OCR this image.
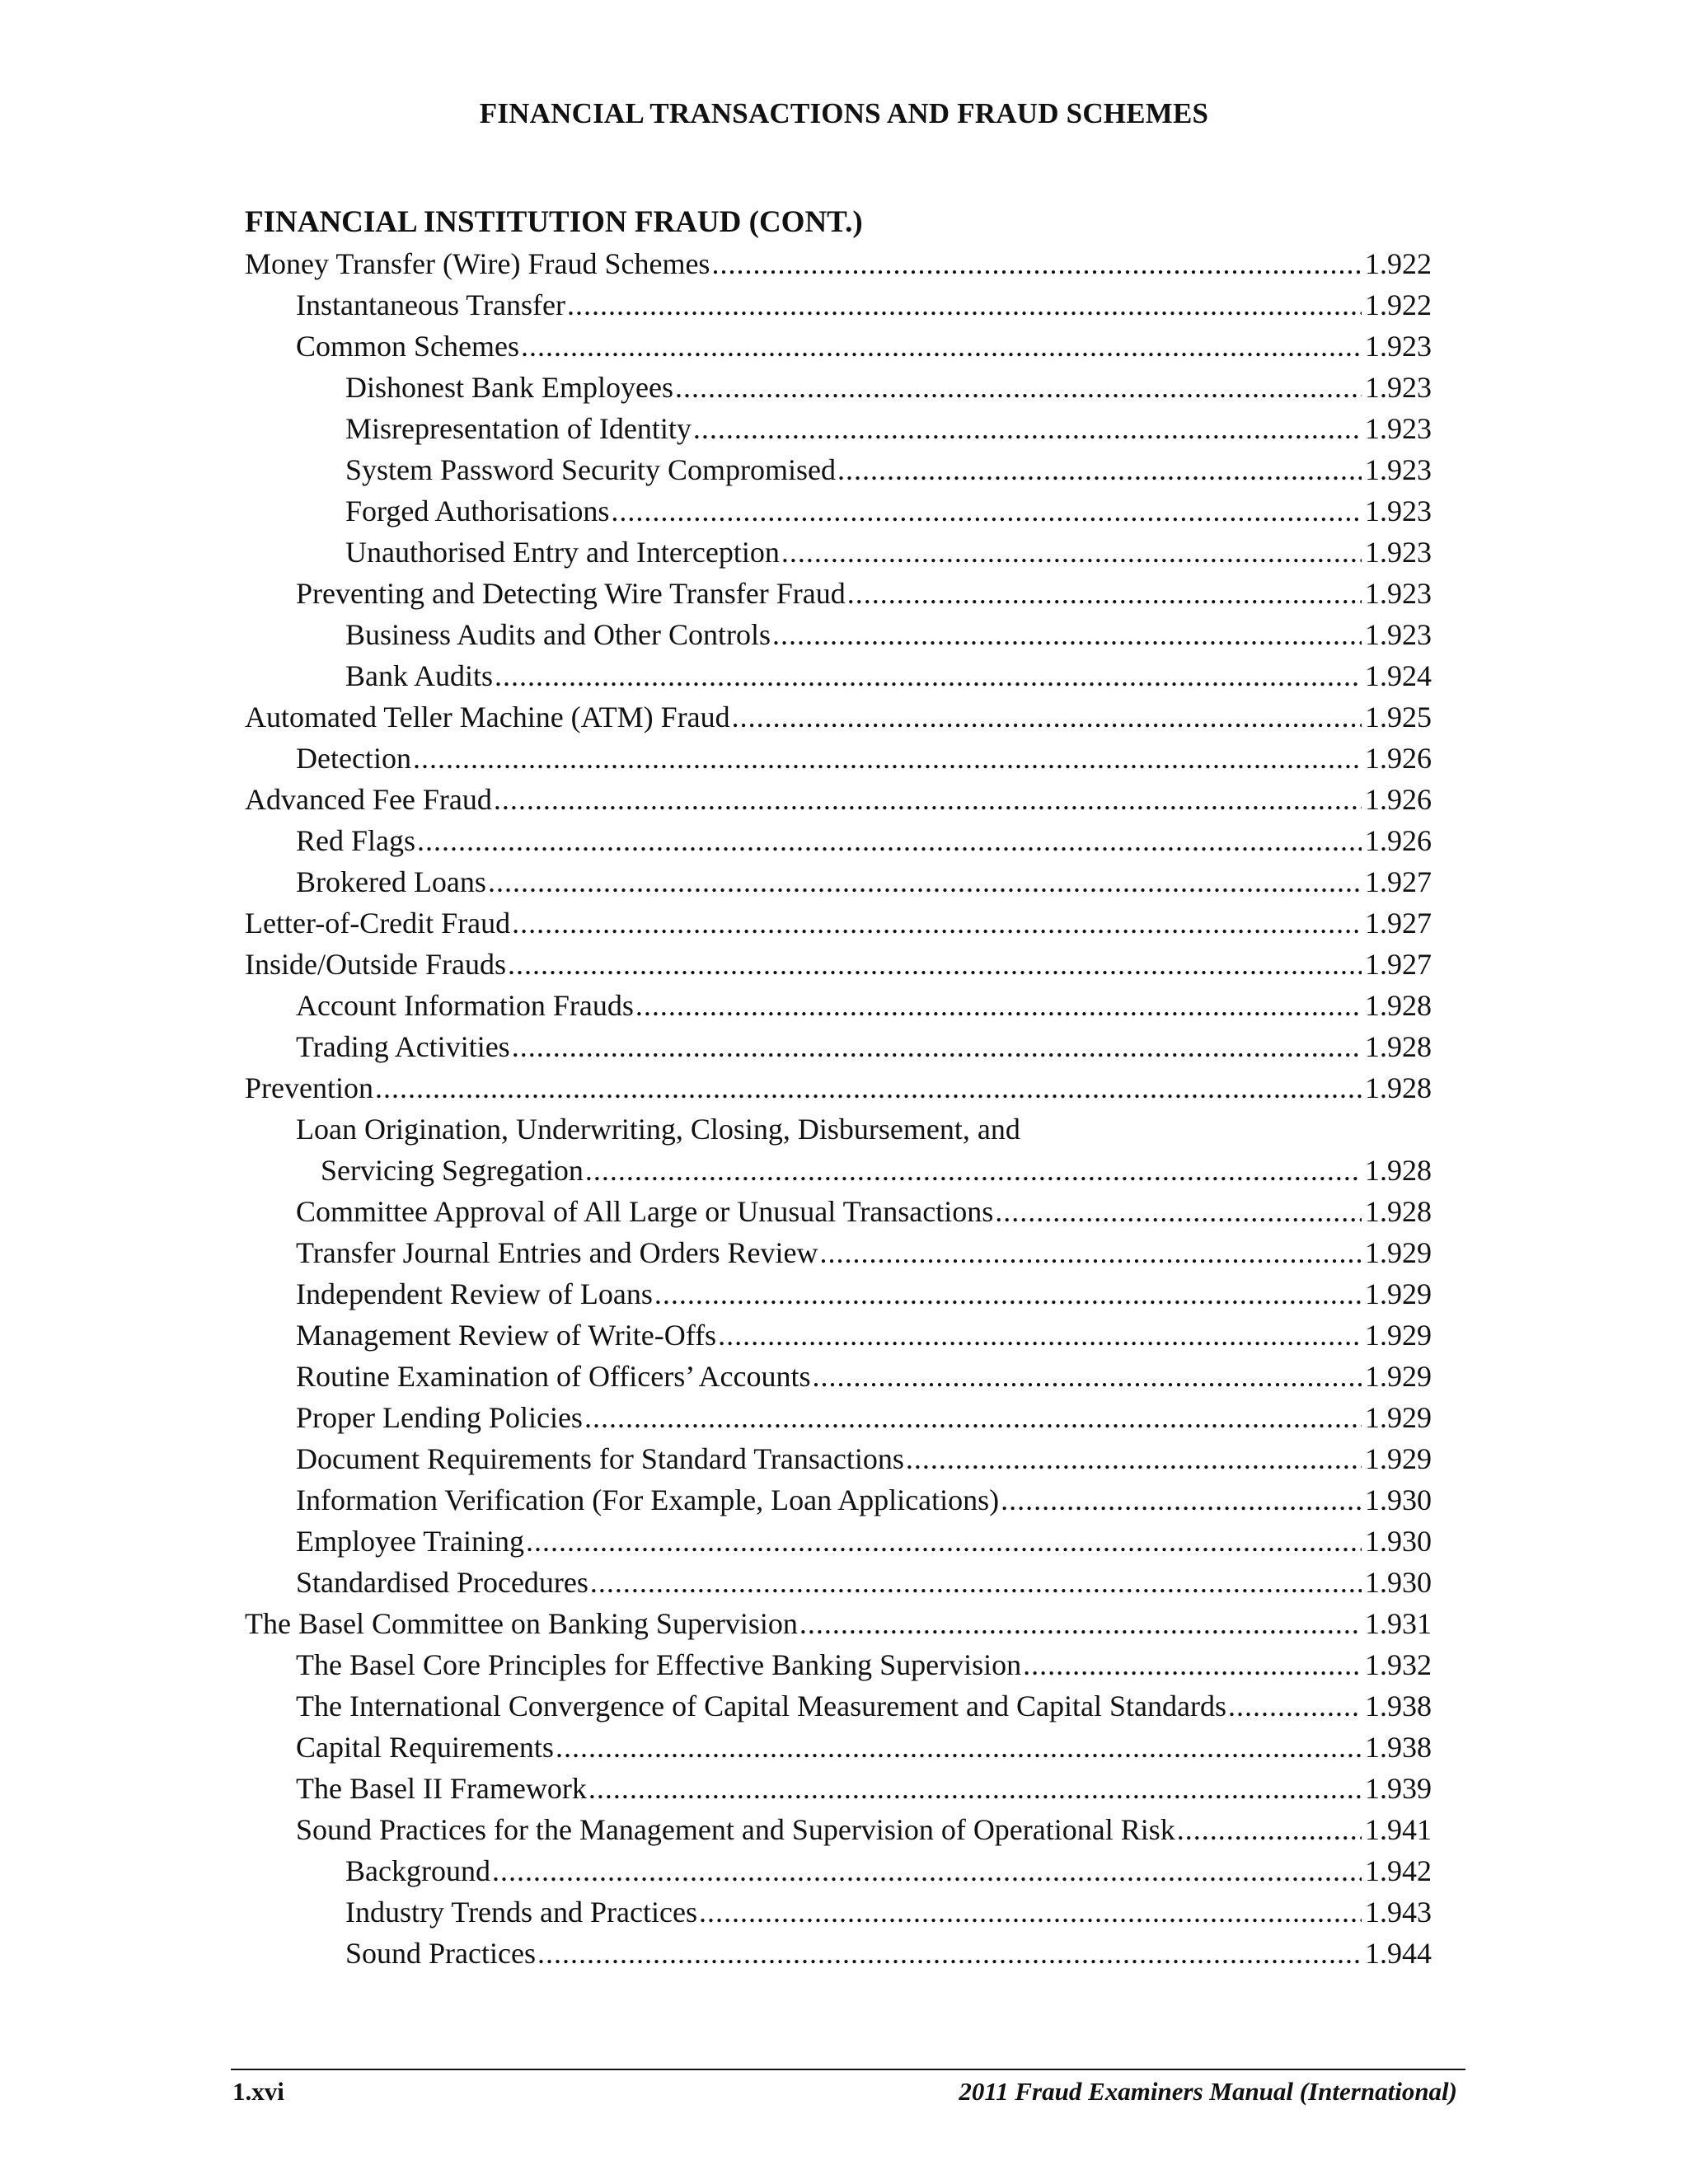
FINANCIAL TRANSACTIONS AND FRAUD SCHEMES
FINANCIAL INSTITUTION FRAUD (CONT.)
Money Transfer (Wire) Fraud Schemes .....	1.922
Instantaneous Transfer .....	1.922
Common Schemes .....	1.923
Dishonest Bank Employees .....	1.923
Misrepresentation of Identity .....	1.923
System Password Security Compromised .....	1.923
Forged Authorisations .....	1.923
Unauthorised Entry and Interception .....	1.923
Preventing and Detecting Wire Transfer Fraud .....	1.923
Business Audits and Other Controls .....	1.923
Bank Audits .....	1.924
Automated Teller Machine (ATM) Fraud .....	1.925
Detection .....	1.926
Advanced Fee Fraud .....	1.926
Red Flags .....	1.926
Brokered Loans .....	1.927
Letter-of-Credit Fraud .....	1.927
Inside/Outside Frauds .....	1.927
Account Information Frauds .....	1.928
Trading Activities .....	1.928
Prevention .....	1.928
Loan Origination, Underwriting, Closing, Disbursement, and
Servicing Segregation .....	1.928
Committee Approval of All Large or Unusual Transactions .....	1.928
Transfer Journal Entries and Orders Review .....	1.929
Independent Review of Loans .....	1.929
Management Review of Write-Offs .....	1.929
Routine Examination of Officers’ Accounts .....	1.929
Proper Lending Policies .....	1.929
Document Requirements for Standard Transactions .....	1.929
Information Verification (For Example, Loan Applications) .....	1.930
Employee Training .....	1.930
Standardised Procedures .....	1.930
The Basel Committee on Banking Supervision .....	1.931
The Basel Core Principles for Effective Banking Supervision .....	1.932
The International Convergence of Capital Measurement and Capital Standards .....	1.938
Capital Requirements .....	1.938
The Basel II Framework .....	1.939
Sound Practices for the Management and Supervision of Operational Risk .....	1.941
Background .....	1.942
Industry Trends and Practices .....	1.943
Sound Practices .....	1.944
1.xvi	2011 Fraud Examiners Manual (International)
